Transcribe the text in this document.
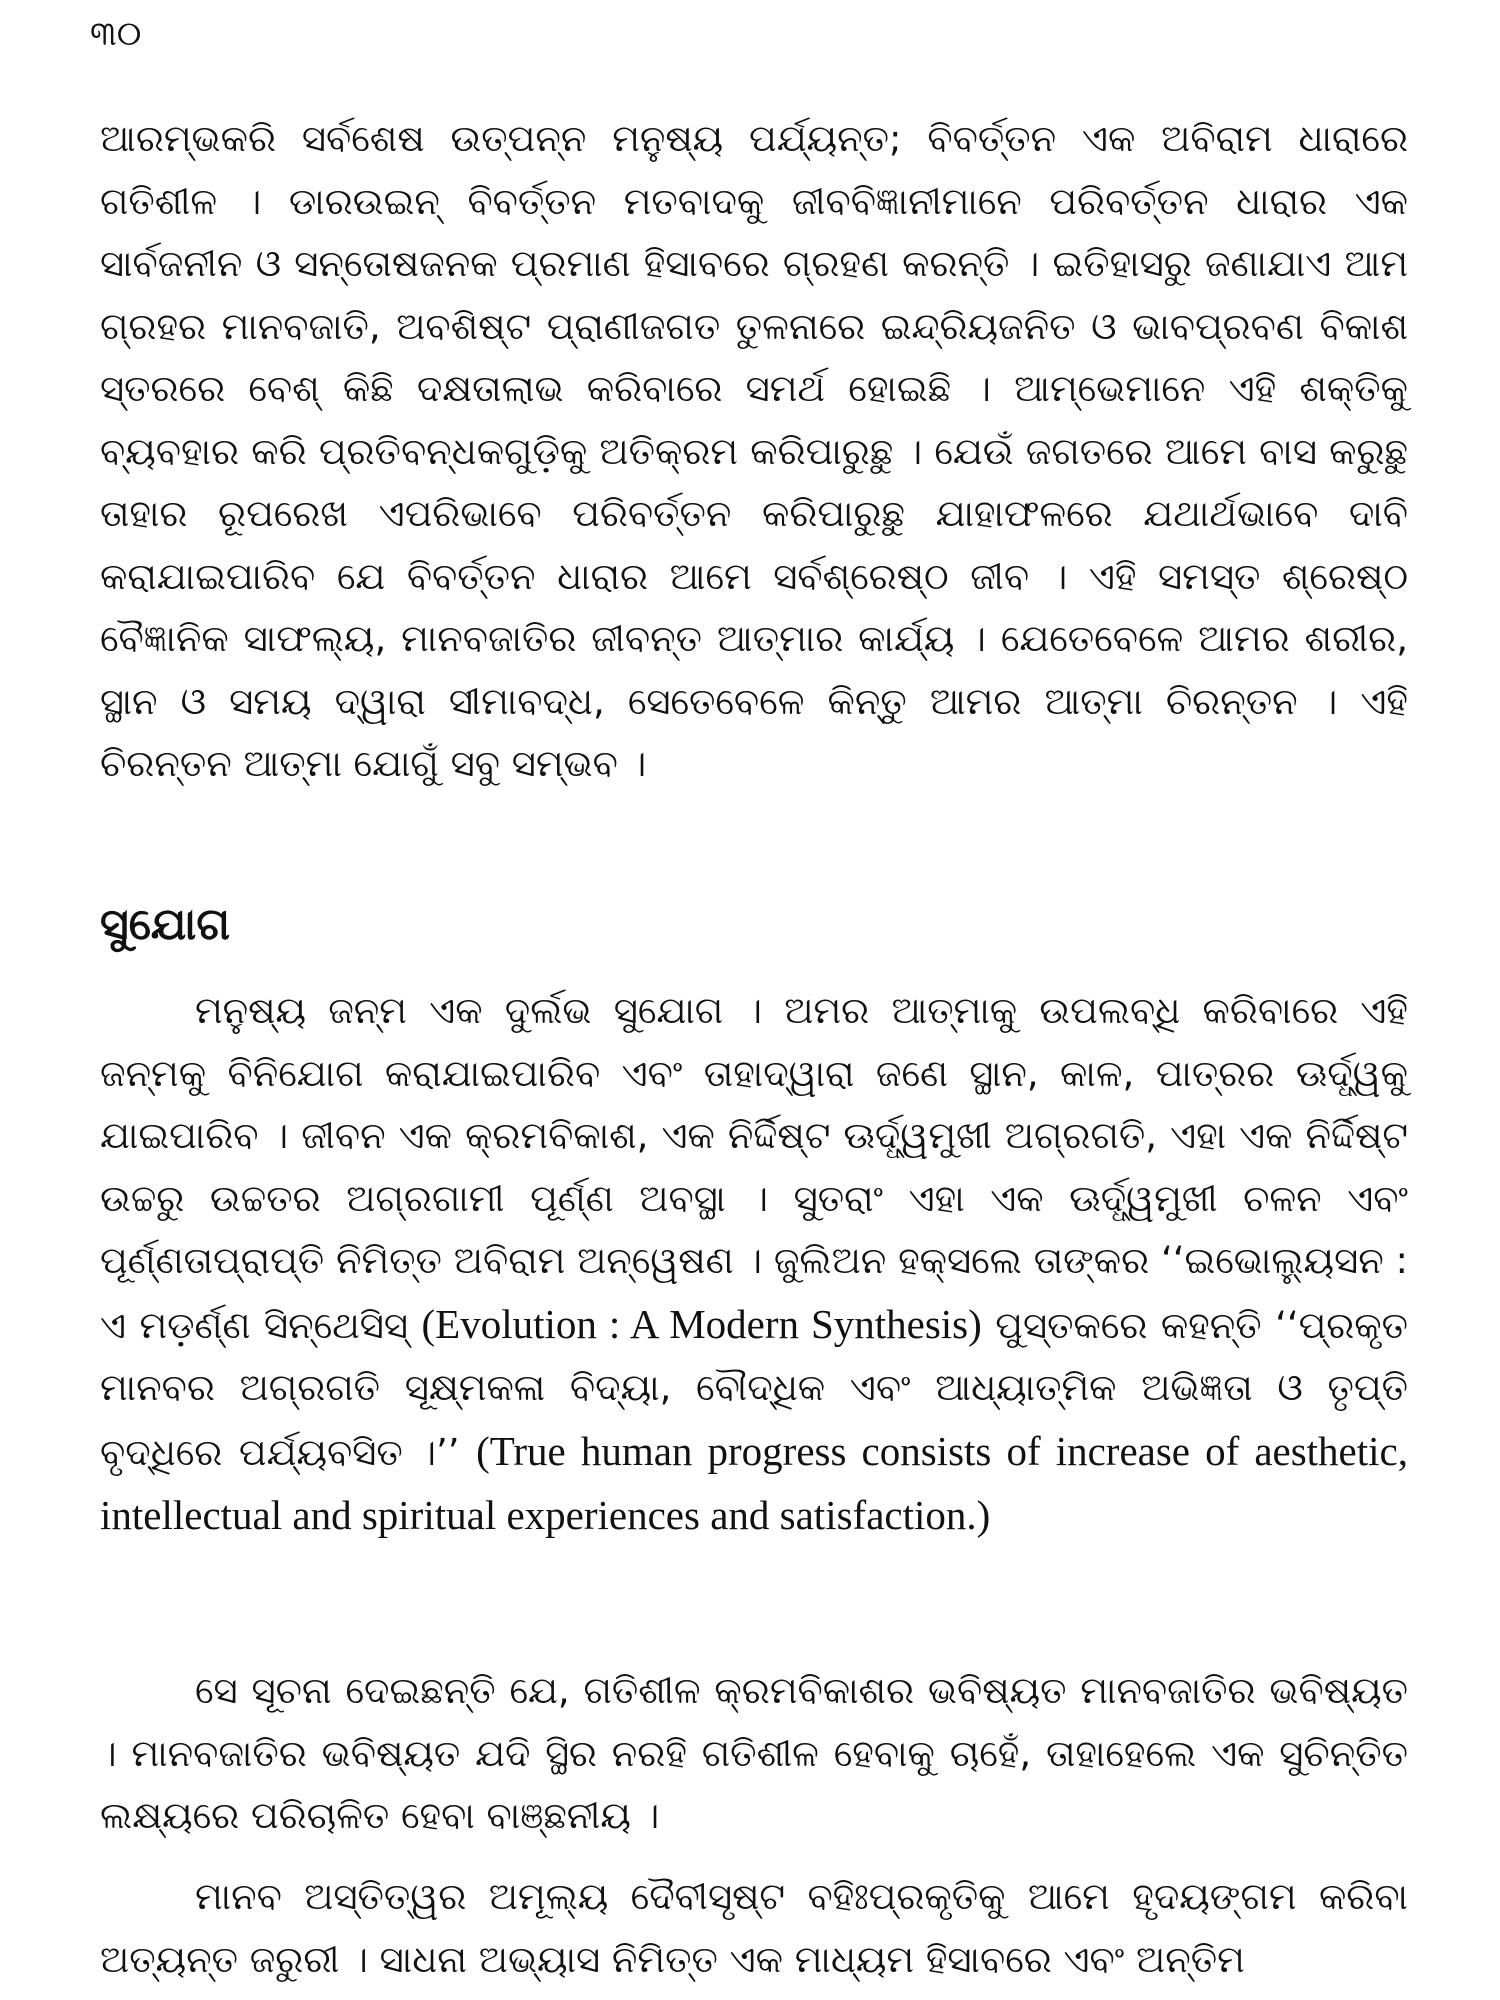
୩୦

ଆରମ୍ଭକରି ସର୍ବଶେଷ ଉତ୍ପନ୍ନ ମନୁଷ୍ୟ ପର୍ଯ୍ୟନ୍ତ; ବିବର୍ତ୍ତନ ଏକ ଅବିରାମ ଧାରାରେ ଗତିଶୀଳ । ଡାରଉଇନ୍ ବିବର୍ତ୍ତନ ମତବାଦକୁ ଜୀବବିଜ୍ଞାନୀମାନେ ପରିବର୍ତ୍ତନ ଧାରାର ଏକ ସାର୍ବଜନୀନ ଓ ସନ୍ତୋଷଜନକ ପ୍ରମାଣ ହିସାବରେ ଗ୍ରହଣ କରନ୍ତି । ଇତିହାସରୁ ଜଣାଯାଏ ଆମ ଗ୍ରହର ମାନବଜାତି, ଅବଶିଷ୍ଟ ପ୍ରାଣୀଜଗତ ତୁଳନାରେ ଇନ୍ଦ୍ରିୟଜନିତ ଓ ଭାବପ୍ରବଣ ବିକାଶ ସ୍ତରରେ ବେଶ୍ କିଛି ଦକ୍ଷତାଲାଭ କରିବାରେ ସମର୍ଥ ହୋଇଛି । ଆମ୍ଭେମାନେ ଏହି ଶକ୍ତିକୁ ବ୍ୟବହାର କରି ପ୍ରତିବନ୍ଧକଗୁଡ଼ିକୁ ଅତିକ୍ରମ କରିପାରୁଛୁ । ଯେଉଁ ଜଗତରେ ଆମେ ବାସ କରୁଛୁ ତାହାର ରୂପରେଖ ଏପରିଭାବେ ପରିବର୍ତ୍ତନ କରିପାରୁଛୁ ଯାହାଫଳରେ ଯଥାର୍ଥଭାବେ ଦାବି କରାଯାଇପାରିବ ଯେ ବିବର୍ତ୍ତନ ଧାରାର ଆମେ ସର୍ବଶ୍ରେଷ୍ଠ ଜୀବ । ଏହି ସମସ୍ତ ଶ୍ରେଷ୍ଠ ବୈଜ୍ଞାନିକ ସାଫଲ୍ୟ, ମାନବଜାତିର ଜୀବନ୍ତ ଆତ୍ମାର କାର୍ଯ୍ୟ । ଯେତେବେଳେ ଆମର ଶରୀର, ସ୍ଥାନ ଓ ସମୟ ଦ୍ୱାରା ସୀମାବଦ୍ଧ, ସେତେବେଳେ କିନ୍ତୁ ଆମର ଆତ୍ମା ଚିରନ୍ତନ । ଏହି ଚିରନ୍ତନ ଆତ୍ମା ଯୋଗୁଁ ସବୁ ସମ୍ଭବ ।

ସୁଯୋଗ

ମନୁଷ୍ୟ ଜନ୍ମ ଏକ ଦୁର୍ଲଭ ସୁଯୋଗ । ଅମର ଆତ୍ମାକୁ ଉପଲବ୍ଧି କରିବାରେ ଏହି ଜନ୍ମକୁ ବିନିଯୋଗ କରାଯାଇପାରିବ ଏବଂ ତାହାଦ୍ୱାରା ଜଣେ ସ୍ଥାନ, କାଳ, ପାତ୍ରର ଊର୍ଦ୍ଧ୍ୱକୁ ଯାଇପାରିବ । ଜୀବନ ଏକ କ୍ରମବିକାଶ, ଏକ ନିର୍ଦ୍ଦିଷ୍ଟ ଊର୍ଦ୍ଧ୍ୱମୁଖୀ ଅଗ୍ରଗତି, ଏହା ଏକ ନିର୍ଦ୍ଦିଷ୍ଟ ଉଚ୍ଚରୁ ଉଚ୍ଚତର ଅଗ୍ରଗାମୀ ପୂର୍ଣ୍ଣ ଅବସ୍ଥା । ସୁତରାଂ ଏହା ଏକ ଊର୍ଦ୍ଧ୍ୱମୁଖୀ ଚଳନ ଏବଂ ପୂର୍ଣ୍ଣତାପ୍ରାପ୍ତି ନିମିତ୍ତ ଅବିରାମ ଅନ୍ୱେଷଣ । ଜୁଲିଅନ ହକ୍ସଲେ ତାଙ୍କର ‘‘ଇଭୋଲ୍ୟୁସନ : ଏ ମଡ଼ର୍ଣ୍ଣ ସିନ୍‌ଥେସିସ୍ (Evolution : A Modern Synthesis) ପୁସ୍ତକରେ କହନ୍ତି ‘‘ପ୍ରକୃତ ମାନବର ଅଗ୍ରଗତି ସୂକ୍ଷ୍ମକଳା ବିଦ୍ୟା, ବୌଦ୍ଧିକ ଏବଂ ଆଧ୍ୟାତ୍ମିକ ଅଭିଜ୍ଞତା ଓ ତୃପ୍ତି ବୃଦ୍ଧିରେ ପର୍ଯ୍ୟବସିତ ।’’ (True human progress consists of increase of aesthetic, intellectual and spiritual experiences and satisfaction.)

ସେ ସୂଚନା ଦେଇଛନ୍ତି ଯେ, ଗତିଶୀଳ କ୍ରମବିକାଶର ଭବିଷ୍ୟତ ମାନବଜାତିର ଭବିଷ୍ୟତ । ମାନବଜାତିର ଭବିଷ୍ୟତ ଯଦି ସ୍ଥିର ନରହି ଗତିଶୀଳ ହେବାକୁ ଚାହେଁ, ତାହାହେଲେ ଏକ ସୁଚିନ୍ତିତ ଲକ୍ଷ୍ୟରେ ପରିଚାଳିତ ହେବା ବାଞ୍ଛନୀୟ ।

ମାନବ ଅସ୍ତିତ୍ୱର ଅମୂଲ୍ୟ ଦୈବୀସୃଷ୍ଟ ବହିଃପ୍ରକୃତିକୁ ଆମେ ହୃଦୟଙ୍ଗମ କରିବା ଅତ୍ୟନ୍ତ ଜରୁରୀ । ସାଧନା ଅଭ୍ୟାସ ନିମିତ୍ତ ଏକ ମାଧ୍ୟମ ହିସାବରେ ଏବଂ ଅନ୍ତିମ
